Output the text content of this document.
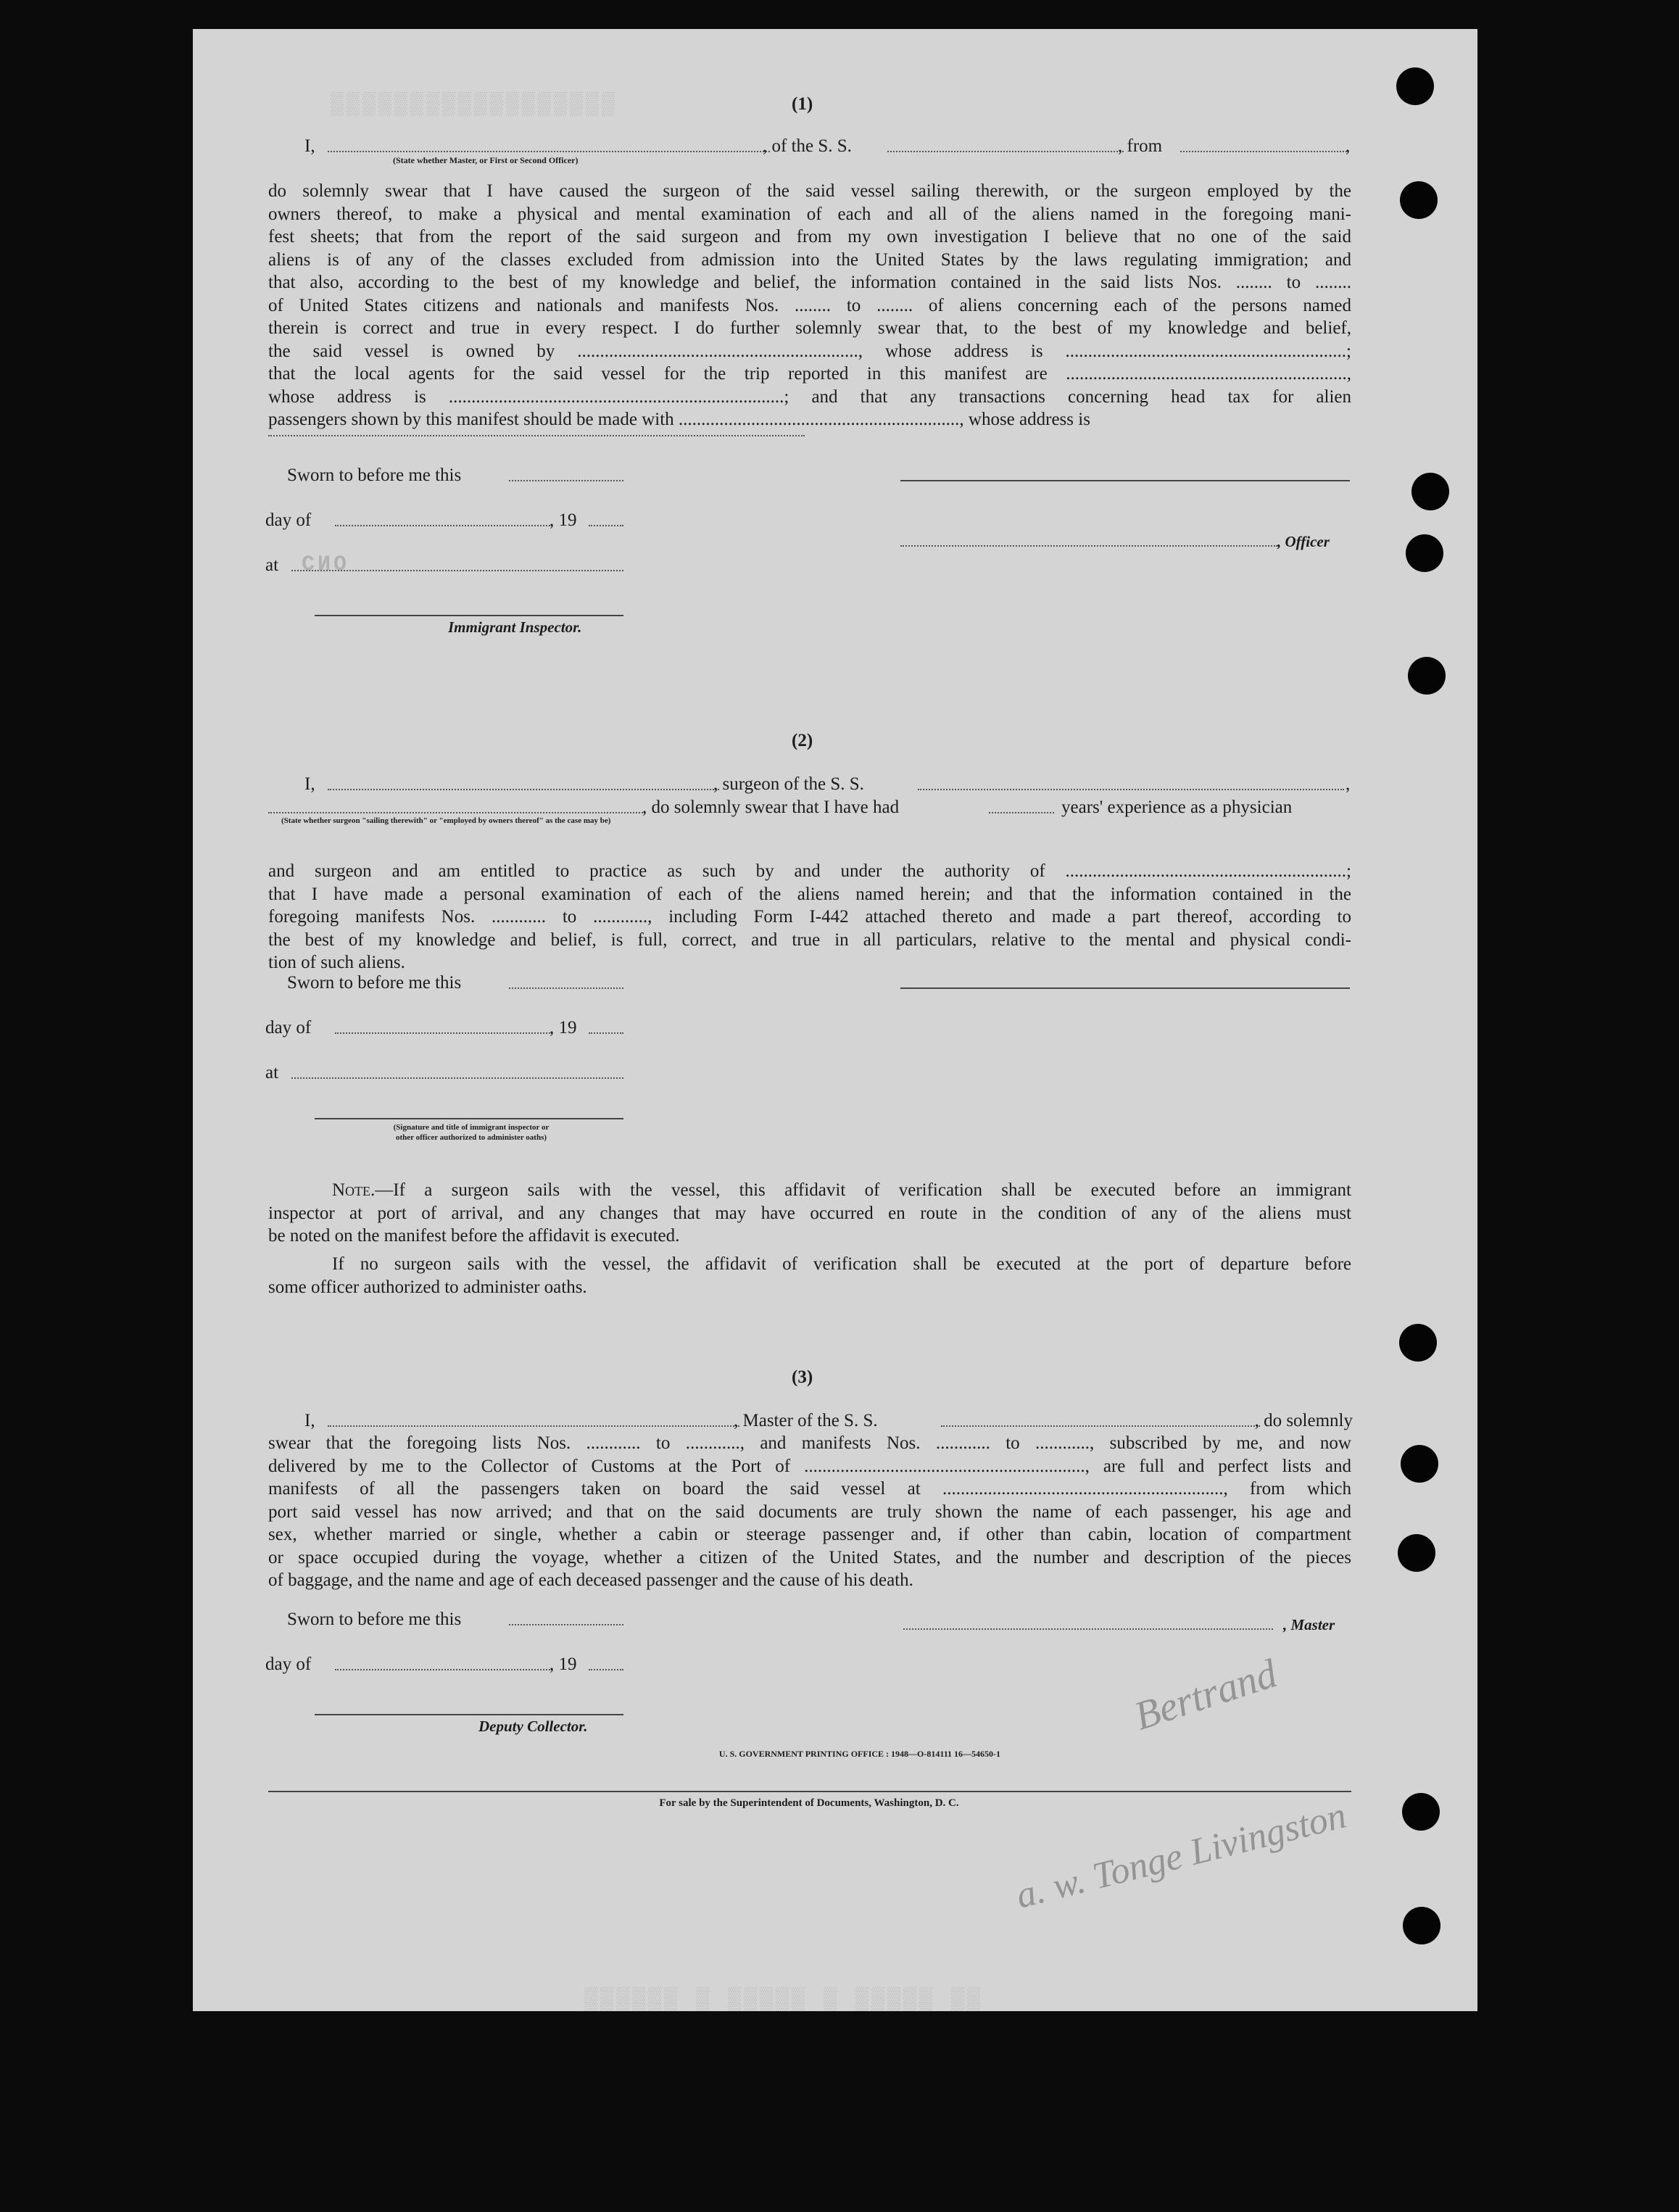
▒▒▒▒▒▒▒▒▒▒▒▒▒▒▒▒▒▒
▒▒▒▒▒▒ ▒ ▒▒▒▒▒ ▒ ▒▒▒▒▒ ▒▒
(1)
I,	, of the S. S.	, from	,
(State whether Master, or First or Second Officer)
do solemnly swear that I have caused the surgeon of the said vessel sailing therewith, or the surgeon employed by the
owners thereof, to make a physical and mental examination of each and all of the aliens named in the foregoing mani-
fest sheets; that from the report of the said surgeon and from my own investigation I believe that no one of the said
aliens is of any of the classes excluded from admission into the United States by the laws regulating immigration; and
that also, according to the best of my knowledge and belief, the information contained in the said lists Nos. ........ to ........
of United States citizens and nationals and manifests Nos. ........ to ........ of aliens concerning each of the persons named
therein is correct and true in every respect. I do further solemnly swear that, to the best of my knowledge and belief,
the said vessel is owned by .............................................................., whose address is ..............................................................;
that the local agents for the said vessel for the trip reported in this manifest are ..............................................................,
whose address is ..........................................................................; and that any transactions concerning head tax for alien
passengers shown by this manifest should be made with .............................................................., whose address is
Sworn to before me this
day of	, 19
, Officer
at СИО
Immigrant Inspector.
(2)
I,	, surgeon of the S. S.	,
, do solemnly swear that I have had	years' experience as a physician
(State whether surgeon "sailing therewith" or "employed by owners thereof" as the case may be)
and surgeon and am entitled to practice as such by and under the authority of ..............................................................;
that I have made a personal examination of each of the aliens named herein; and that the information contained in the
foregoing manifests Nos. ............ to ............, including Form I-442 attached thereto and made a part thereof, according to
the best of my knowledge and belief, is full, correct, and true in all particulars, relative to the mental and physical condi-
tion of such aliens.
Sworn to before me this
day of	, 19
at
(Signature and title of immigrant inspector or
other officer authorized to administer oaths)
Note.—If a surgeon sails with the vessel, this affidavit of verification shall be executed before an immigrant
inspector at port of arrival, and any changes that may have occurred en route in the condition of any of the aliens must
be noted on the manifest before the affidavit is executed.
If no surgeon sails with the vessel, the affidavit of verification shall be executed at the port of departure before
some officer authorized to administer oaths.
(3)
I,	, Master of the S. S.	, do solemnly
swear that the foregoing lists Nos. ............ to ............, and manifests Nos. ............ to ............, subscribed by me, and now
delivered by me to the Collector of Customs at the Port of .............................................................., are full and perfect lists and
manifests of all the passengers taken on board the said vessel at .............................................................., from which
port said vessel has now arrived; and that on the said documents are truly shown the name of each passenger, his age and
sex, whether married or single, whether a cabin or steerage passenger and, if other than cabin, location of compartment
or space occupied during the voyage, whether a citizen of the United States, and the number and description of the pieces
of baggage, and the name and age of each deceased passenger and the cause of his death.
Sworn to before me this	, Master
day of	, 19
Deputy Collector.	Bertrand
a. w. Tonge Livingston
U. S. GOVERNMENT PRINTING OFFICE : 1948—O-814111 16—54650-1
For sale by the Superintendent of Documents, Washington, D. C.
